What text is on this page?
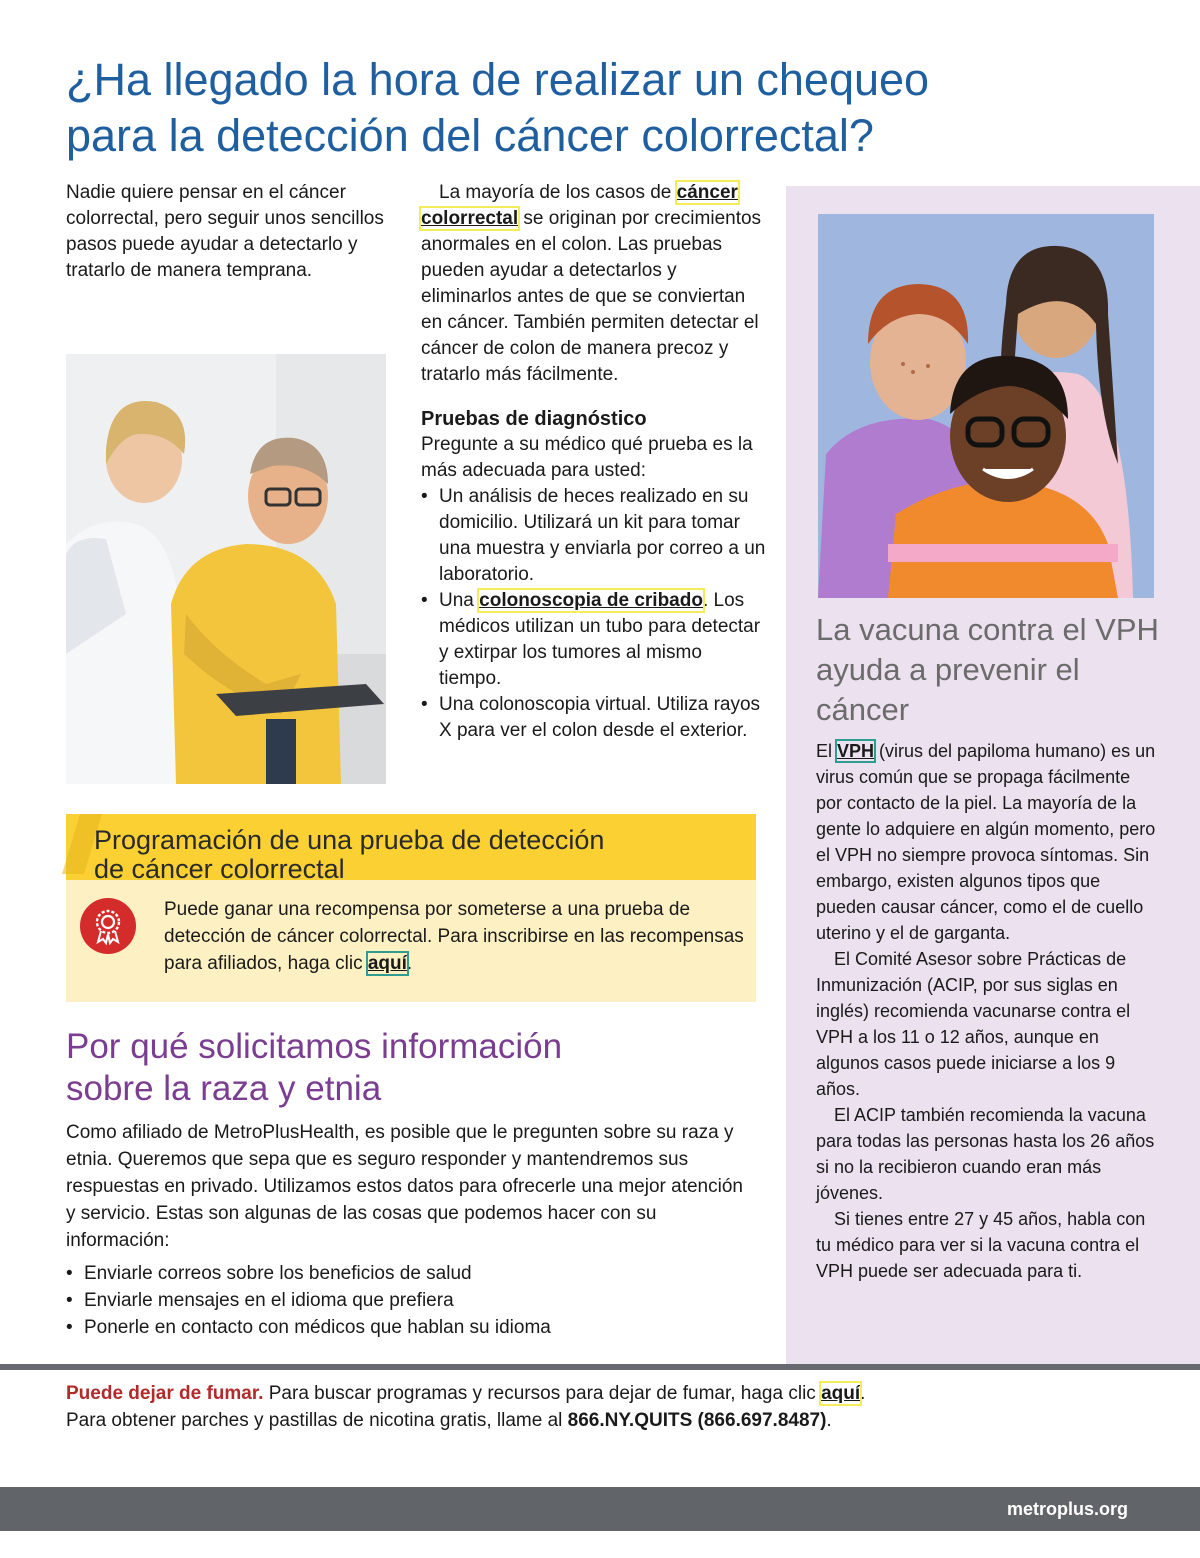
¿Ha llegado la hora de realizar un chequeo
para la detección del cáncer colorrectal?
Nadie quiere pensar en el cáncer colorrectal, pero seguir unos sencillos pasos puede ayudar a detectarlo y tratarlo de manera temprana.

La mayoría de los casos de cáncer colorrectal se originan por crecimientos anormales en el colon. Las pruebas pueden ayudar a detectarlos y eliminarlos antes de que se conviertan en cáncer. También permiten detectar el cáncer de colon de manera precoz y tratarlo más fácilmente.

Pruebas de diagnóstico

Pregunte a su médico qué prueba es la más adecuada para usted:

• Un análisis de heces realizado en su domicilio. Utilizará un kit para tomar una muestra y enviarla por correo a un laboratorio.
• Una colonoscopia de cribado. Los médicos utilizan un tubo para detectar y extirpar los tumores al mismo tiempo.
• Una colonoscopia virtual. Utiliza rayos X para ver el colon desde el exterior.
Programación de una prueba de detección
de cáncer colorrectal
Puede ganar una recompensa por someterse a una prueba de detección de cáncer colorrectal. Para inscribirse en las recompensas para afiliados, haga clic aquí.
Por qué solicitamos información
sobre la raza y etnia
Como afiliado de MetroPlusHealth, es posible que le pregunten sobre su raza y etnia. Queremos que sepa que es seguro responder y mantendremos sus respuestas en privado. Utilizamos estos datos para ofrecerle una mejor atención y servicio. Estas son algunas de las cosas que podemos hacer con su información:
• Enviarle correos sobre los beneficios de salud
• Enviarle mensajes en el idioma que prefiera
• Ponerle en contacto con médicos que hablan su idioma
La vacuna contra el VPH ayuda a prevenir el cáncer

El VPH (virus del papiloma humano) es un virus común que se propaga fácilmente por contacto de la piel. La mayoría de la gente lo adquiere en algún momento, pero el VPH no siempre provoca síntomas. Sin embargo, existen algunos tipos que pueden causar cáncer, como el de cuello uterino y el de garganta.

El Comité Asesor sobre Prácticas de Inmunización (ACIP, por sus siglas en inglés) recomienda vacunarse contra el VPH a los 11 o 12 años, aunque en algunos casos puede iniciarse a los 9 años.

El ACIP también recomienda la vacuna para todas las personas hasta los 26 años si no la recibieron cuando eran más jóvenes.

Si tienes entre 27 y 45 años, habla con tu médico para ver si la vacuna contra el VPH puede ser adecuada para ti.

Puede dejar de fumar. Para buscar programas y recursos para dejar de fumar, haga clic aquí.
Para obtener parches y pastillas de nicotina gratis, llame al 866.NY.QUITS (866.697.8487).
metroplus.org
